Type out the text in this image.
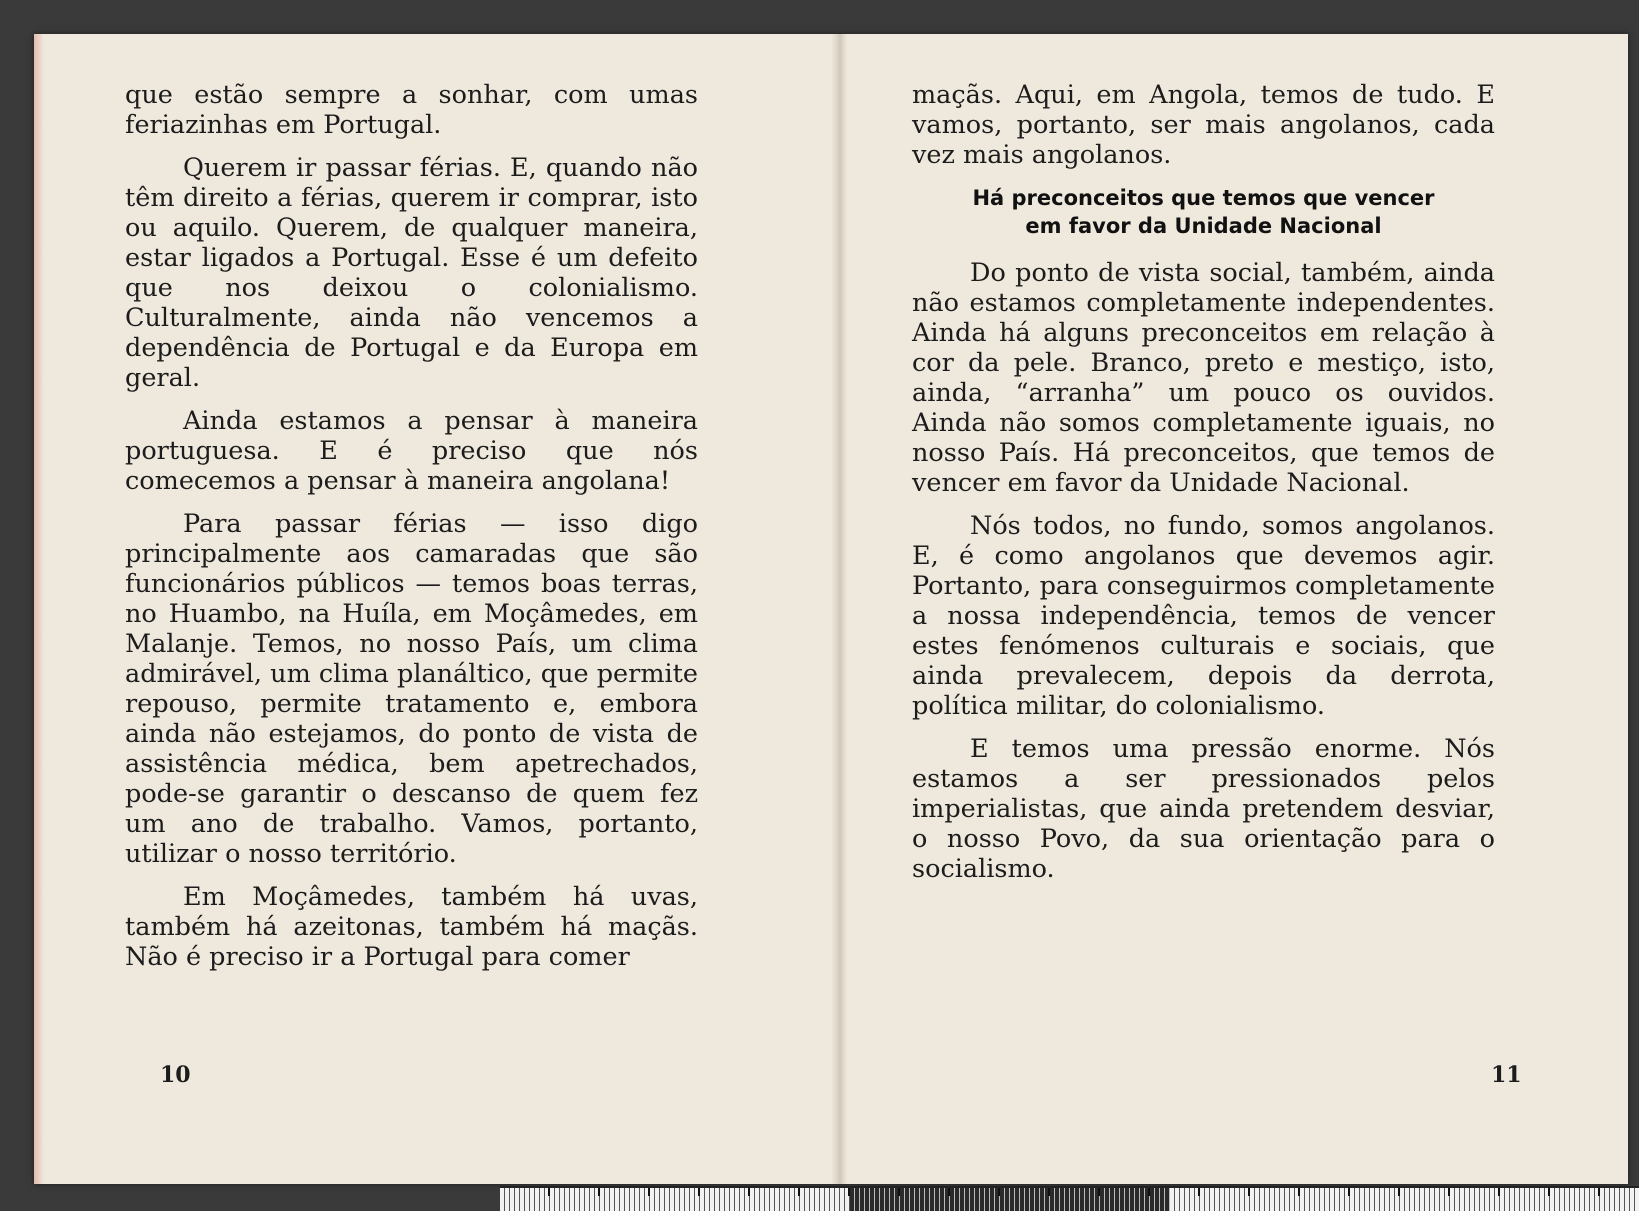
que estão sempre a sonhar, com umas feriazinhas em Portugal.

Querem ir passar férias. E, quando não têm direito a férias, querem ir comprar, isto ou aquilo. Querem, de qualquer maneira, estar ligados a Portugal. Esse é um defeito que nos deixou o colonialismo. Culturalmente, ainda não vencemos a dependência de Portugal e da Europa em geral.

Ainda estamos a pensar à maneira portuguesa. E é preciso que nós comecemos a pensar à maneira angolana!

Para passar férias — isso digo principalmente aos camaradas que são funcionários públicos — temos boas terras, no Huambo, na Huíla, em Moçâmedes, em Malanje. Temos, no nosso País, um clima admirável, um clima planáltico, que permite repouso, permite tratamento e, embora ainda não estejamos, do ponto de vista de assistência médica, bem apetrechados, pode-se garantir o descanso de quem fez um ano de trabalho. Vamos, portanto, utilizar o nosso território.

Em Moçâmedes, também há uvas, também há azeitonas, também há maçãs. Não é preciso ir a Portugal para comer

maçãs. Aqui, em Angola, temos de tudo. E vamos, portanto, ser mais angolanos, cada vez mais angolanos.

Há preconceitos que temos que vencer
em favor da Unidade Nacional

Do ponto de vista social, também, ainda não estamos completamente independentes. Ainda há alguns preconceitos em relação à cor da pele. Branco, preto e mestiço, isto, ainda, “arranha” um pouco os ouvidos. Ainda não somos completamente iguais, no nosso País. Há preconceitos, que temos de vencer em favor da Unidade Nacional.

Nós todos, no fundo, somos angolanos. E, é como angolanos que devemos agir. Portanto, para conseguirmos completamente a nossa independência, temos de vencer estes fenómenos culturais e sociais, que ainda prevalecem, depois da derrota, política militar, do colonialismo.

E temos uma pressão enorme. Nós estamos a ser pressionados pelos imperialistas, que ainda pretendem desviar, o nosso Povo, da sua orientação para o socialismo.

10	11
